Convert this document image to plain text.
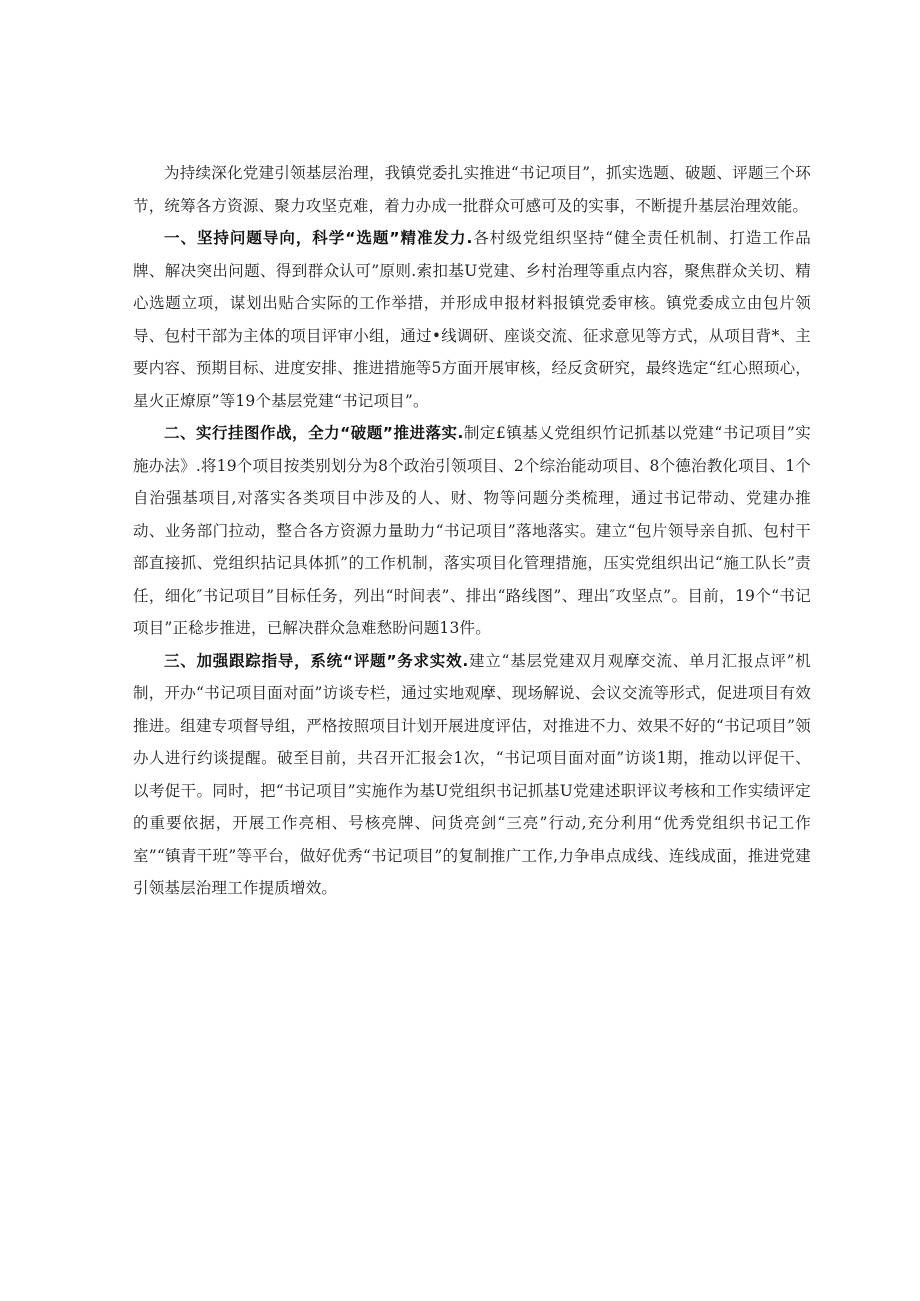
为持续深化党建引领基层治理，我镇党委扎实推进“书记项目”，抓实选题、破题、评题三个环节，统筹各方资源、聚力攻坚克难，着力办成一批群众可感可及的实事，不断提升基层治理效能。

一、坚持问题导向，科学“选题”精准发力.各村级党组织坚持“健全责任机制、打造工作品牌、解决突出问题、得到群众认可”原则.索扣基U党建、乡村治理等重点内容，聚焦群众关切、精心选题立项，谋划出贴合实际的工作举措，并形成申报材料报镇党委审核。镇党委成立由包片领导、包村干部为主体的项目评审小组，通过•线调研、座谈交流、征求意见等方式，从项目背*、主要内容、预期目标、进度安排、推进措施等5方面开展审核，经反贪研究，最终选定“红心照顼心，星火正燎原”等19个基层党建“书记项目”。

二、实行挂图作战，全力“破题”推进落实.制定£镇基乂党组织竹记抓基以党建“书记项目”实施办法》.将19个项目按类别划分为8个政治引领项目、2个综治能动项目、8个德治教化项目、1个自治强基项目,对落实各类项目中涉及的人、财、物等问题分类梳理，通过书记带动、党建办推动、业务部门拉动，整合各方资源力量助力“书记项目”落地落实。建立“包片领导亲自抓、包村干部直接抓、党组织拈记具体抓”的工作机制，落实项目化管理措施，压实党组织出记“施工队长”责任，细化″书记项目”目标任务，列出“时间表”、排出“路线图”、理出″攻坚点”。目前，19个“书记项目”正稔步推进，已解决群众急难愁盼问题13件。

三、加强跟踪指导，系统“评题”务求实效.建立“基层党建双月观摩交流、单月汇报点评”机制，开办“书记项目面对面”访谈专栏，通过实地观摩、现场解说、会议交流等形式，促进项目有效推进。组建专项督导组，严格按照项目计划开展进度评估，对推进不力、效果不好的“书记项目”领办人进行约谈提醒。破至目前，共召开汇报会1次，“书记项目面对面”访谈1期，推动以评促干、以考促干。同时，把“书记项目”实施作为基U党组织书记抓基U党建述职评议考核和工作实绩评定的重要依据，开展工作亮相、号核亮牌、问货亮剑“三亮”行动,充分利用“优秀党组织书记工作室”“镇青干班”等平台，做好优秀“书记项目”的复制推广工作,力争串点成线、连线成面，推进党建引领基层治理工作提质增效。
